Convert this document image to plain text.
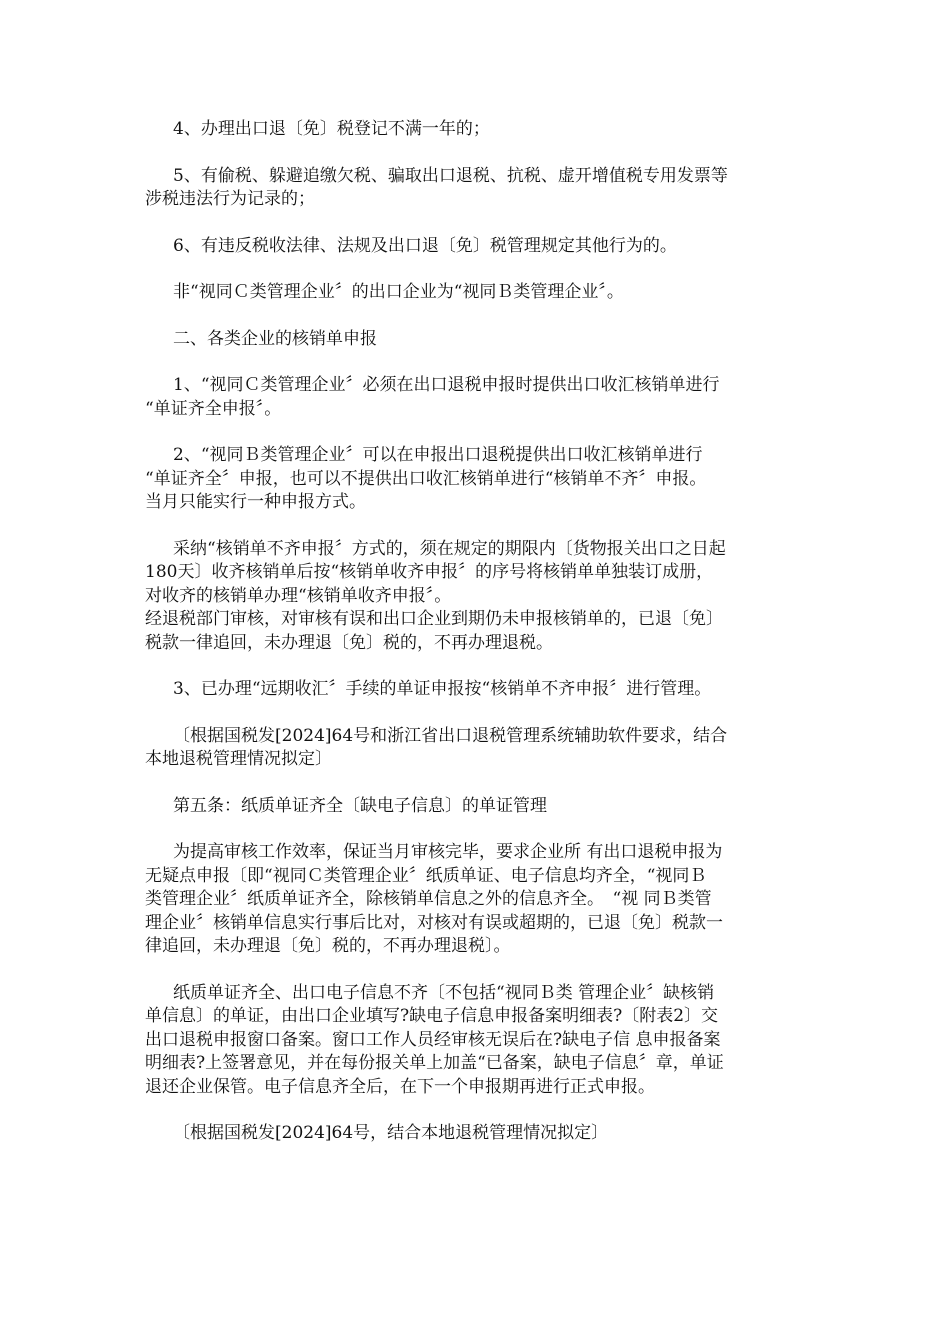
4、办理出口退〔免〕税登记不满一年的；

5、有偷税、躲避追缴欠税、骗取出口退税、抗税、虚开增值税专用发票等
涉税违法行为记录的；

6、有违反税收法律、法规及出口退〔免〕税管理规定其他行为的。

非“视同Ｃ类管理企业〞的出口企业为“视同Ｂ类管理企业〞。

二、各类企业的核销单申报

1、“视同Ｃ类管理企业〞必须在出口退税申报时提供出口收汇核销单进行
“单证齐全申报〞。

2、“视同Ｂ类管理企业〞可以在申报出口退税提供出口收汇核销单进行
“单证齐全〞申报，也可以不提供出口收汇核销单进行“核销单不齐〞申报。
当月只能实行一种申报方式。

采纳“核销单不齐申报〞方式的，须在规定的期限内〔货物报关出口之日起
180天〕收齐核销单后按“核销单收齐申报〞的序号将核销单单独装订成册，
对收齐的核销单办理“核销单收齐申报〞。

经退税部门审核，对审核有误和出口企业到期仍未申报核销单的，已退〔免〕
税款一律追回，未办理退〔免〕税的，不再办理退税。

3、已办理“远期收汇〞手续的单证申报按“核销单不齐申报〞进行管理。

〔根据国税发[2024]64号和浙江省出口退税管理系统辅助软件要求，结合
本地退税管理情况拟定〕

第五条：纸质单证齐全〔缺电子信息〕的单证管理

为提高审核工作效率，保证当月审核完毕，要求企业所 有出口退税申报为
无疑点申报〔即“视同Ｃ类管理企业〞纸质单证、电子信息均齐全，“视同Ｂ
类管理企业〞纸质单证齐全，除核销单信息之外的信息齐全。　“视 同Ｂ类管
理企业〞核销单信息实行事后比对，对核对有误或超期的，已退〔免〕税款一
律追回，未办理退〔免〕税的，不再办理退税〕。

纸质单证齐全、出口电子信息不齐〔不包括“视同Ｂ类 管理企业〞缺核销
单信息〕的单证，由出口企业填写?缺电子信息申报备案明细表?〔附表2〕交
出口退税申报窗口备案。窗口工作人员经审核无误后在?缺电子信 息申报备案
明细表?上签署意见，并在每份报关单上加盖“已备案，缺电子信息〞章，单证
退还企业保管。电子信息齐全后，在下一个申报期再进行正式申报。

〔根据国税发[2024]64号，结合本地退税管理情况拟定〕
